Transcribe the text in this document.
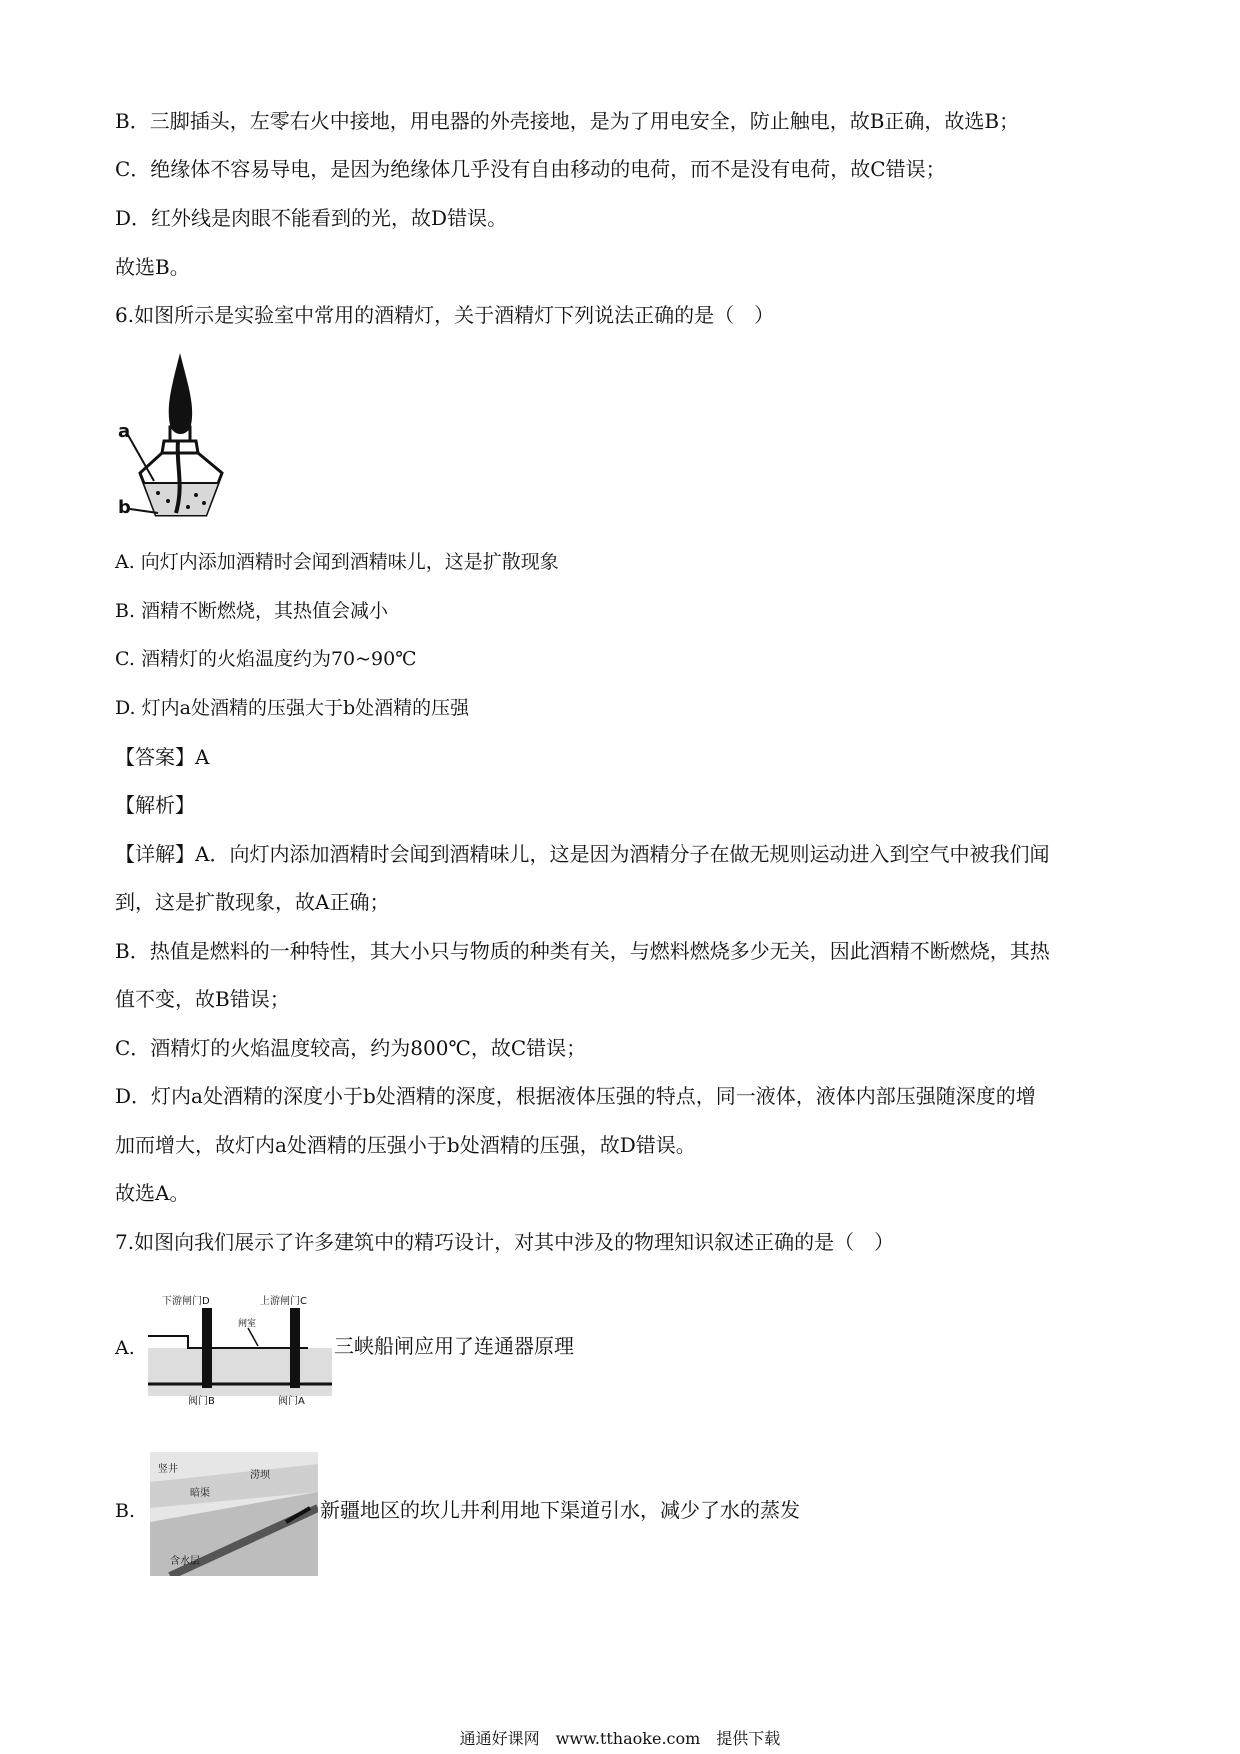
B．三脚插头，左零右火中接地，用电器的外壳接地，是为了用电安全，防止触电，故B正确，故选B；
C．绝缘体不容易导电，是因为绝缘体几乎没有自由移动的电荷，而不是没有电荷，故C错误；
D．红外线是肉眼不能看到的光，故D错误。
故选B。
6.如图所示是实验室中常用的酒精灯，关于酒精灯下列说法正确的是（　）
a
b
A. 向灯内添加酒精时会闻到酒精味儿，这是扩散现象
B. 酒精不断燃烧，其热值会减小
C. 酒精灯的火焰温度约为70~90℃
D. 灯内a处酒精的压强大于b处酒精的压强
【答案】A
【解析】
【详解】A．向灯内添加酒精时会闻到酒精味儿，这是因为酒精分子在做无规则运动进入到空气中被我们闻
到，这是扩散现象，故A正确；
B．热值是燃料的一种特性，其大小只与物质的种类有关，与燃料燃烧多少无关，因此酒精不断燃烧，其热
值不变，故B错误；
C．酒精灯的火焰温度较高，约为800℃，故C错误；
D．灯内a处酒精的深度小于b处酒精的深度，根据液体压强的特点，同一液体，液体内部压强随深度的增
加而增大，故灯内a处酒精的压强小于b处酒精的压强，故D错误。
故选A。
7.如图向我们展示了许多建筑中的精巧设计，对其中涉及的物理知识叙述正确的是（　）
A.
下游闸门D	上游闸门C
闸室
阀门B	阀门A
三峡船闸应用了连通器原理
B.
竖井
暗渠
涝坝
含水层
新疆地区的坎儿井利用地下渠道引水，减少了水的蒸发
通通好课网　www.tthaoke.com　提供下载
